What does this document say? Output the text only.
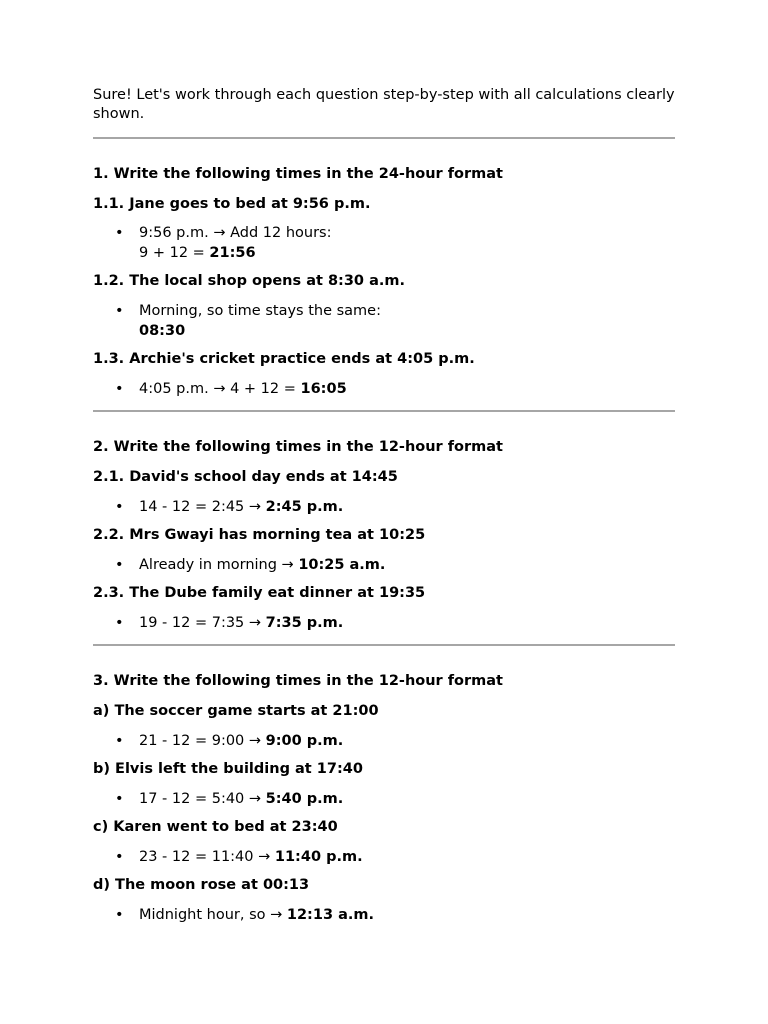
Sure! Let's work through each question step-by-step with all calculations clearly shown.

1. Write the following times in the 24-hour format
1.1. Jane goes to bed at 9:56 p.m.
• 9:56 p.m. → Add 12 hours:
9 + 12 = 21:56
1.2. The local shop opens at 8:30 a.m.
• Morning, so time stays the same:
08:30
1.3. Archie's cricket practice ends at 4:05 p.m.
• 4:05 p.m. → 4 + 12 = 16:05
2. Write the following times in the 12-hour format
2.1. David's school day ends at 14:45
• 14 - 12 = 2:45 → 2:45 p.m.
2.2. Mrs Gwayi has morning tea at 10:25
• Already in morning → 10:25 a.m.
2.3. The Dube family eat dinner at 19:35
• 19 - 12 = 7:35 → 7:35 p.m.
3. Write the following times in the 12-hour format
a) The soccer game starts at 21:00
• 21 - 12 = 9:00 → 9:00 p.m.
b) Elvis left the building at 17:40
• 17 - 12 = 5:40 → 5:40 p.m.
c) Karen went to bed at 23:40
• 23 - 12 = 11:40 → 11:40 p.m.
d) The moon rose at 00:13
• Midnight hour, so → 12:13 a.m.
